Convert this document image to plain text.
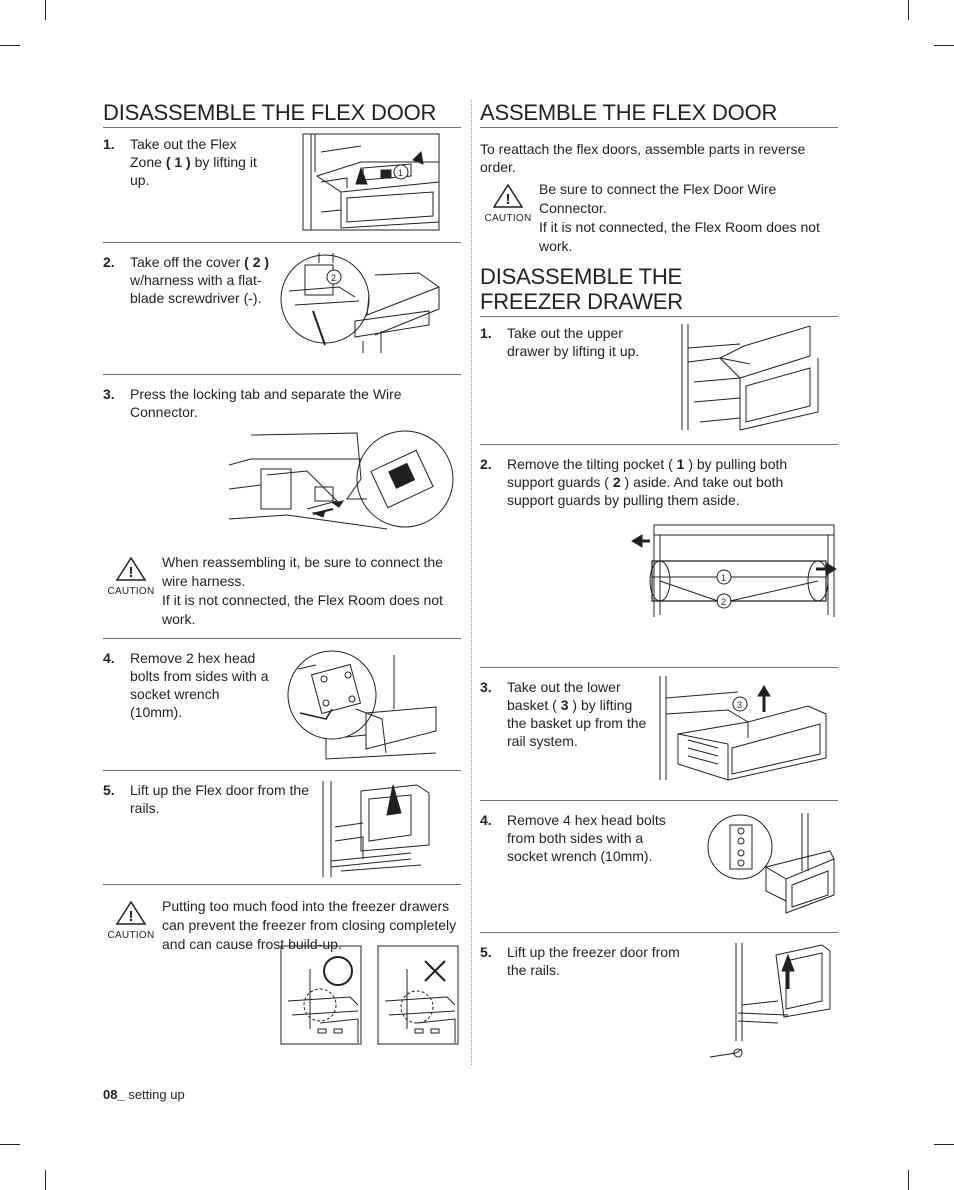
DISASSEMBLE THE FLEX DOOR
1. Take out the Flex Zone ( 1 ) by lifting it up.	1
2. Take off the cover ( 2 ) w/harness with a flat-blade screwdriver (-).
2
3. Press the locking tab and separate the Wire Connector.
!
CAUTION
When reassembling it, be sure to connect the wire harness.
If it is not connected, the Flex Room does not work.
4. Remove 2 hex head bolts from sides with a socket wrench (10mm).
5. Lift up the Flex door from the rails.
!
CAUTION
Putting too much food into the freezer drawers can prevent the freezer from closing completely and can cause frost build-up.
ASSEMBLE THE FLEX DOOR
To reattach the flex doors, assemble parts in reverse order.
!
CAUTION
Be sure to connect the Flex Door Wire Connector.
If it is not connected, the Flex Room does not work.
DISASSEMBLE THE FREEZER DRAWER
1. Take out the upper drawer by lifting it up.
2. Remove the tilting pocket ( 1 ) by pulling both support guards ( 2 ) aside. And take out both support guards by pulling them aside.
1
2
3. Take out the lower basket ( 3 ) by lifting the basket up from the rail system.
3
4. Remove 4 hex head bolts from both sides with a socket wrench (10mm).
5. Lift up the freezer door from the rails.
08_ setting up
